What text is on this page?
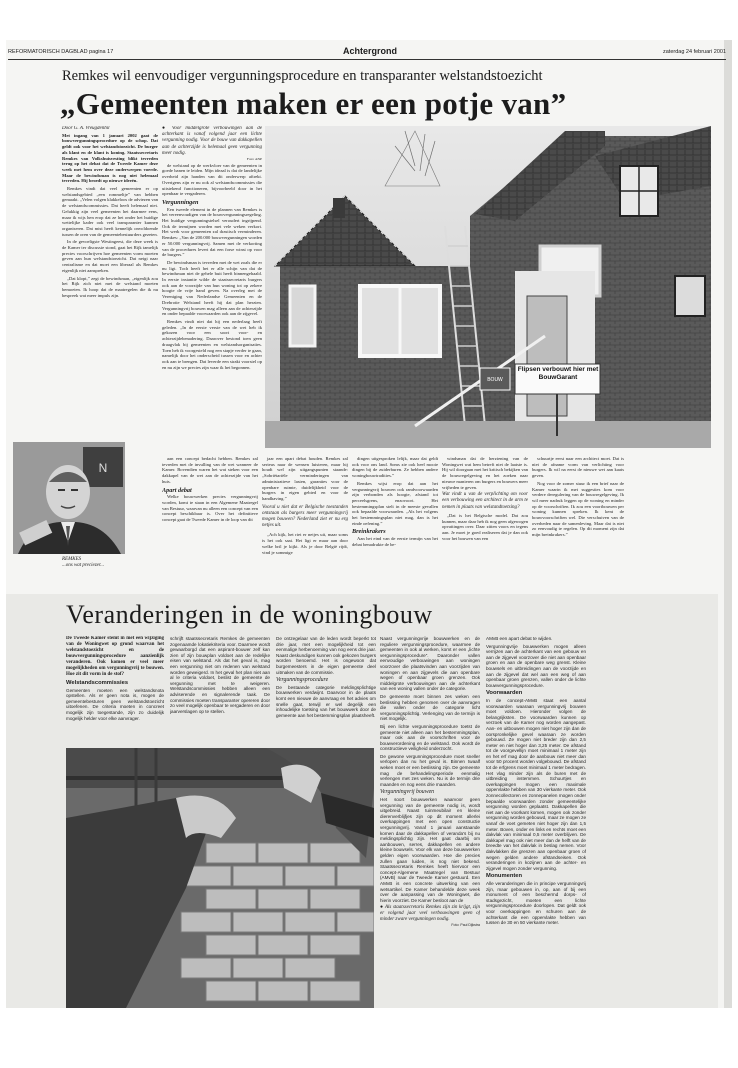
REFORMATORISCH DAGBLAD pagina 17	Achtergrond	zaterdag 24 februari 2001
Remkes wil eenvoudiger vergunningsprocedure en transparanter welstandstoezicht
„Gemeenten maken er een potje van”
Door G. A. Vreugdenhil

Met ingang van 1 januari 2002 gaat de bouwvergunningsprocedure op de schop. Dat geldt ook voor het welstandstoezicht. De burger als klant en de klant is koning. Staatssecretaris Remkes van Volkshuisvesting blikt tevreden terug op het debat dat de Tweede Kamer deze week met hem over deze onderwerpen voerde. Maar de bewindsman is nog niet helemaal tevreden. Hij broedt op nieuwe ideeën.

Remkes vindt dat veel gemeenten er op welstandsgebied „een rommeltje” van hebben gemaakt. „Velen volgen klakkeloos de adviezen van de welstandscommissies. Dat heeft helemaal niet. Gelukkig zijn veel gemeenten het daarmee eens, maar ik wijs hen erop dat ze het onder het huidige wettelijke kader ook veel transparanter kunnen organiseren. Dat mist heeft kennelijk onvoldoende tussen de oren van de gemeentebestuurders gezeten.

In de gevoeligste Westingeest, die deze week is de Kamer ter discussie stond, gaat het Rijk tamelijk precies voorschrijven hoe gemeenten vorm moeten geven aan hun welstandstoezicht. Dat neigt naar centralisme en dat moet een liberaal als Remkes eigenlijk niet aanspreken.

„Dat klopt,” zegt de bewindsman, „eigenlijk zou het Rijk zich niet met de welstand moeten bemoeien. Ik hoop dat de maatregelen die ik nu bespreek wat meer impuls zijn.

● Voor middelgrote verbouwingen aan de achterkant is vanaf volgend jaar een lichte vergunning nodig. Voor de bouw van dakkapellen aan de achterzijde is helemaal geen vergunning meer nodig.
Foto: ANP

de welstand op de werkvloer van de gemeenten in goede banen te leiden. Mijn ideaal is dat de landelijke overheid zijn handen van dit onderwerp aftrekt. Overigens zijn er nu ook al welstandscommissies die uitstekend functioneren, bijvoorbeeld door in het openbaar te vergaderen.

Vergunningen

Een tweede element in de plannen van Remkes is het vereenvoudigen van de bouwvergunningsregeling. Het huidige vergunningstelsel veroudert ingrijpend. Ook de termijnen worden met vele weken verkort. Het werk voor gemeenten zal drastisch verminderen. Remkes: „Van de 200.000 bouwvergunningen worden er 50.000 vergunningvrij. Samen met de verkorting van de procedures levert dat een forse winst op voor de burgers.”

De bewindsman is tevreden met de wet zoals die er nu ligt. Toch heeft het er alle schijn van dat de bewindsman niet de gehele buit heeft binnengehaald. In eerste instantie wilde de staatssecretaris burgers ook aan de voorzijde van hun woning tot op zekere hoogte de vrije hand geven. Na overleg met de Vereniging van Nederlandse Gemeenten en de Drebrotie Welstand heeft hij dat plan herzien. Vergunningvrij bouwen mag alleen aan de achterzijde en onder bepaalde voorwaarden ook aan de zijgevel.

Remkes vindt niet dat hij een nederlaag heeft geleden. „In de eerste versie van de wet heb ik gekozen voor een soort voor- en achterzijdebenadering. Daarover bestond toen geen draagvlak bij gemeenten en welstandsorganisaties. Toen heb ik voorgesteld nog een stapje verder te gaan, namelijk door het onderscheid tussen voor en achter ook aan te brengen. Dat leverde een strakt voorstel op en nu zijn we precies zijn waar ik het begonnen.

BOUW
Flipsen verbouwt hier met BouwGarant
N
REMKES
...ons wat preciezer...

aan een concept bedacht hebben. Remkes zal tevreden met de invulling van de wet wanneer de Kamer. Bovendien waren het wat steken voor een dakkapel van de wet aan de achterzijde van het huis.

Apart debat

Welke bouwwerken precies vergunningvrij worden, komt te staan in een Algemene Maatregel van Bestuur, waarvan nu alleen een concept van een concept beschikbaar is. Over het definitieve concept gaat de Tweede Kamer in de loop van dit

jaar een apart debat houden. Remkes zal serieus naar de wensen luisteren, maar hij houdt wel zijn uitgangspunten staande: „Sobriëtariële verminderingen van administratieve lasten, garanties voor de openbare ruimte, duidelijkheid voor de burgers in eigen gebied en voor de handhaving.”

Vooral u niet dat er Belgische toestanden ontstaan als burgers meer vergunningvrij mogen bouwen? Nederland ziet er nu erg netjes uit.

„Ach kijk, het riet er netjes uit, maar soms is het ook saai. Het ligt er maar aan door welke bril je kijkt. Als je door België rijdt, vind je sommige

dingen uitgesproken lelijk, maar dat geldt ook voor ons land. Soms zie ook heel mooie dingen bij de zuiderburen. Ze hebben andere woningbouwtradities.”

Remkes wijst erop dat aan het vergunningvrij bouwen ook randvoorwaarden zijn verbonden als hoogte, afstand tot perceelsgrens, enzovoort. Het bestemmingsplan stelt in de meeste gevallen ook bepaalde voorwaarden. „Als het volgens het bestemmingsplan niet mag, dan is het einde oefening.”

Breinkrakers

Aan het eind van de eerste termijn van het debat benadrukte de be-

windsman dat de herziening van de Woningwet wat hem betreft niet de laatste is. Hij wil doorgaan met het kritisch bekijken van de bouwregelgeving en het zoeken naar nieuwe manieren om burgers en bouwers meer vrijheden te geven.

Wat vindt u van de verplichting om voor een verbouwing een architect in de arm te nemen in plaats van welstandtoetsing?

„Dat is het Belgische model. Dat zou kunnen, maar daar heb ik nog geen afgewogen opvattingen over. Daar zitten voors en tegens aan. Je moet je goed realiseren dat je dan ook voor het bouwen van een

schuurtje eerst naar een architect moet. Dat is niet de afname vorm van verlichting voor burgers. Ik wil na eerst de nieuwe wet aan kaats geven.

Nog voor de zomer stuur ik een brief naar de Kamer waarin ik met suggesties kom voor verdere deregulering van de bouwregelgeving. Ik wil meer nadruk leggen op de woning en minder op de voorschriften. Ik zou een voortbouwen per woning kunnen spreken. Ik kent de bouwvoorschriften wel. Die verschuiven van de overheden naar de samenleving. Maar dat is niet zo eenvoudig te regelen. Op dit moment zijn dat mijn breinkrakers.”

Veranderingen in de woningbouw

De Tweede Kamer stemt in met een wijziging van de Woningwet op grond waarvan het welstandstoezicht en de bouwvergunningsprocedure aanzienlijk veranderen. Ook komen er veel meer mogelijkheden om vergunningvrij te bouwen. Hoe zit dit vorm in de stof?

Welstandscommissies

Gemeenten moeten een welstandsnota opstellen. Als er geen nota is, mogen de gemeentebesturen geen welstandstoezicht uitoefenen. De criteria moeten in concreet mogelijk zijn toegestande, zijn zo duidelijk mogelijk helder voor elke aanvrager.

schrijft staatssecretaris Remkes de gemeenten zogenaamde lokatiekriteria voor. Daarmee wordt gewaarborgd dat een aspirant-bouwer zelf kan zien of zijn bouwplan voldoet aan de redelijke eisen van welstand. Als dat het geval is, mag een vergunning niet om redenen van welstand worden geweigerd. In het geval het plan niet aan al le criteria voldoet, beslist de gemeente de vergunning met te weigeren. Welstandscommissies hebben alleen een adviserende en signalerende taak. De commissies moeten transparanter opereren door zo veel mogelijk openbaar te vergaderen en door jaarverslagen op te stellen.

De ontzegelaar van de leden wordt beperkt tot drie jaar, met een mogelijkheid tot een eenmalige herbenoeming van nog eens drie jaar. Naast deskundigen kunnen ook gekozen burgers worden benoemd. Het is ongewoon dat burgemeesters in de eigen gemeente deel uitmaken van de commissie.

Vergunningsprocedure

De bestaande categorie meldingsplichtige bouwwerken verdwijnt. Daarvoor in de plaats komt een nieuwe de aanvraag en het advies om snelle gaat, terwijl er wel degelijk een inhoudelijke toetsing van het bouwwerk door de gemeente aan het bestemmingsplan plaatsheeft.

Naast vergunningvrije bouwwerken en de reguliere vergunningsprocedure, waarmee de gemeenten in ook al werken, komt er een „lichte vergunningsprocedure”. Daaronder vallen eenvoudige verbouwingen aan woningen voorzover die plaatsvinden aan voorzijden van woningen en aan zijgevels die aan openbare wegen of openbaar groen grenzen. Ook middelgrote verbouwingen aan de achterkant van een woning vallen onder de categorie.

De gemeente moet binnen zes weken een beslissing hebben genomen over de aanvragen die vallen onder de categorie licht vergunningsplichtig. Verlenging van de termijn is niet mogelijk.

Bij een lichte vergunningsprocedure toetst de gemeente niet alleen aan het bestemmingsplan, maar ook aan de voorschriften voor de bouwverordening en de welstand. Ook wordt de constructieve veiligheid onderzocht.

De gewone vergunningsprocedure moet sneller verlopen dan nu het geval is. Binnen twaalf weken moet er een beslissing zijn. De gemeente mag de behandelingsperiode eenmalig verlengen met zes weken. Nu is de termijn drie maanden en nog eens drie maanden.

Vergunningvrij bouwen

Het soort bouwwerken waarvoor geen vergunning van de gemeente nodig is, wordt uitgebreid. Naast tuinmeubilair en kleine dierenverblijfjes zijn op dit moment allerlei overkappingen met een open constructie vergunningvrij. Vanaf 1 januari aanstaande komen daar de dakkapellen of veranda's bij nu meldingsplichtig zijn. Het gaat daarbij om aanbouwen, serres, dakkapellen en andere kleine bouwsels. Voor elk van deze bouwwerken gelden eigen voorwaarden. Hoe die precies zullen gaan luiden, is nog niet bekend. Staatssecretaris Remkes heeft hiervoor een concept-Algemene Maatregel van Bestuur (AMvB) naar de Tweede Kamer gestuurd. Een AMvB is een concrete uitwerking van een wetsartikel. De Kamer behandelde deze week over de aanpassing van de Woningwet, die hierin voorziet. De Kamer besloot aan de

● Als staatssecretaris Remkes zijn zin krijgt, zijn er volgend jaar veel verbouwingen geen of minder zware vergunningen nodig.
Foto: Paul Dijkstra

AMvB een apart debat te wijden.

Vergunningvrije bouwwerken mogen alleen verrijzen aan de achterkant van een gebouw en aan de zijgevel voorzover die niet aan openbaar groen en aan de openbare weg grenst. Kleine bouwsels en uitbreidingen aan de voorzijde en aan de zijgevel dat wel aan een weg of aan openbaar groen grenzen, vallen onder de lichte bouwvergunningsprocedure.

Voorwaarden

In de concept-AMvB staat een aantal voorwaarden waaraan vergunningvrij bouwen moet voldoen. Hieronder volgen de belangrijksten. De voorwaarden kunnen op verzoek van de Kamer nog worden aangepast. Aan- en uitbouwen mogen niet hoger zijn dan de oorspronkelijke gevel waaraan ze worden gebouwd. Ze mogen niet breder zijn dan 2,5 meter en niet hoger dan 3,25 meter. De afstand tot de voorgevellijn moet minimaal 1 meter zijn en het erf mag door de aanbouw niet meer dan voor 50 procent worden volgebouwd. De afstand tot de erfgrens moet minimaal 1 meter bedragen. Het vlag minder zijn als de buren met de uitbreiding instemmen. Schuurtjes en overkappingen mogen een maximale oppervlakte hebben van 30 vierkante meter. Ook zonnecollectoren en zonnepanelen mogen onder bepaalde voorwaarden zonder gemeentelijke vergunning worden geplaatst. Dakkapellen die niet aan de voorkant komen, mogen ook zonder vergunning worden gebouwd, maar ze mogen ze vanaf de voet gemeten niet hoger zijn dan 1,5 meter. Boven, onder en links en rechts moet een dakvlak van minimaal 0,5 meter overblijven. De dakkapel mag ook niet meer dan de helft van de breedte van het dakvlak in beslag nemen. Voor dakvlakken die grenzen aan openbaar groen of wegen gelden andere afstandseisen. Ook veranderingen in kozijnen aan de achter- en zijgevel mogen zonder vergunning.

Monumenten

Alle veranderingen die in principe vergunningvrij zijn, maar gebouwen in, op, aan of bij een monument of een beschermd dorps- of stadsgezicht, moeten een lichte vergunningsprocedure doorlopen. Dat geldt ook voor overkappingen en schuren aan de achterkant die een oppervlakte hebben van tussen de 30 en 50 vierkante meter.
